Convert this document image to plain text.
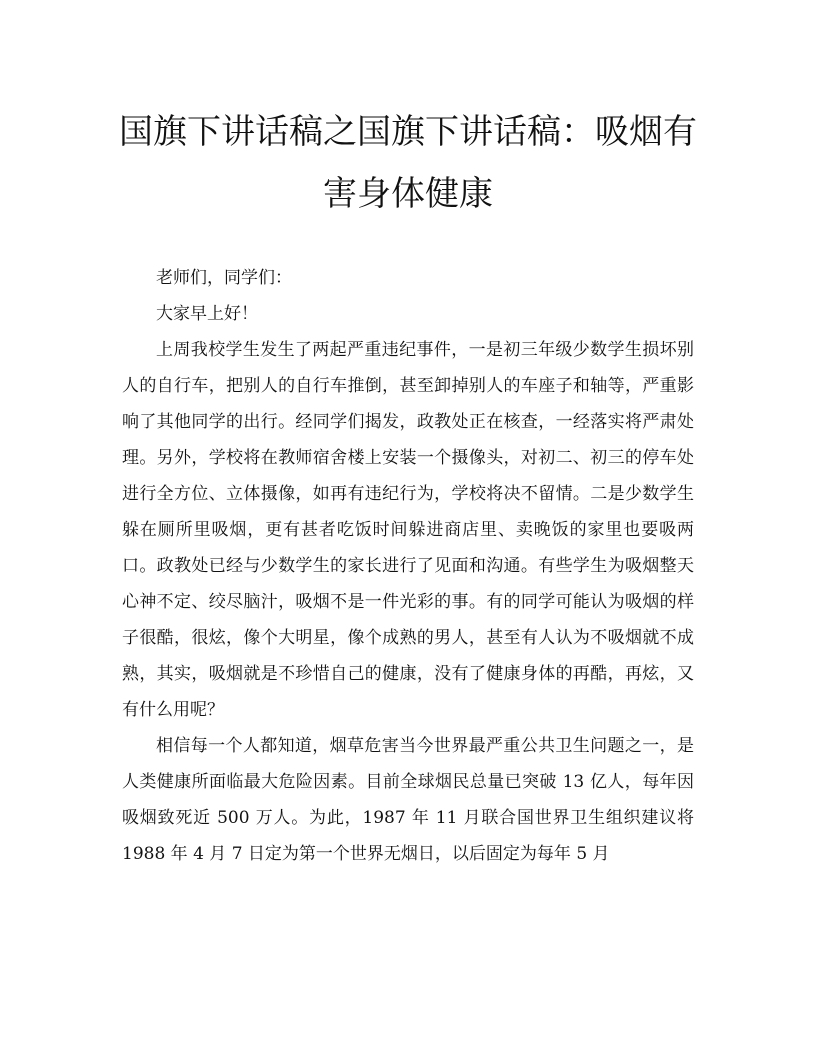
国旗下讲话稿之国旗下讲话稿：吸烟有
害身体健康

老师们，同学们：

大家早上好！

上周我校学生发生了两起严重违纪事件，一是初三年级少数学生损坏别人的自行车，把别人的自行车推倒，甚至卸掉别人的车座子和轴等，严重影响了其他同学的出行。经同学们揭发，政教处正在核查，一经落实将严肃处理。另外，学校将在教师宿舍楼上安装一个摄像头，对初二、初三的停车处进行全方位、立体摄像，如再有违纪行为，学校将决不留情。二是少数学生躲在厕所里吸烟，更有甚者吃饭时间躲进商店里、卖晚饭的家里也要吸两口。政教处已经与少数学生的家长进行了见面和沟通。有些学生为吸烟整天心神不定、绞尽脑汁，吸烟不是一件光彩的事。有的同学可能认为吸烟的样子很酷，很炫，像个大明星，像个成熟的男人，甚至有人认为不吸烟就不成熟，其实，吸烟就是不珍惜自己的健康，没有了健康身体的再酷，再炫，又有什么用呢？

相信每一个人都知道，烟草危害当今世界最严重公共卫生问题之一，是人类健康所面临最大危险因素。目前全球烟民总量已突破 13 亿人，每年因吸烟致死近 500 万人。为此，1987 年 11 月联合国世界卫生组织建议将 1988 年 4 月 7 日定为第一个世界无烟日，以后固定为每年 5 月
